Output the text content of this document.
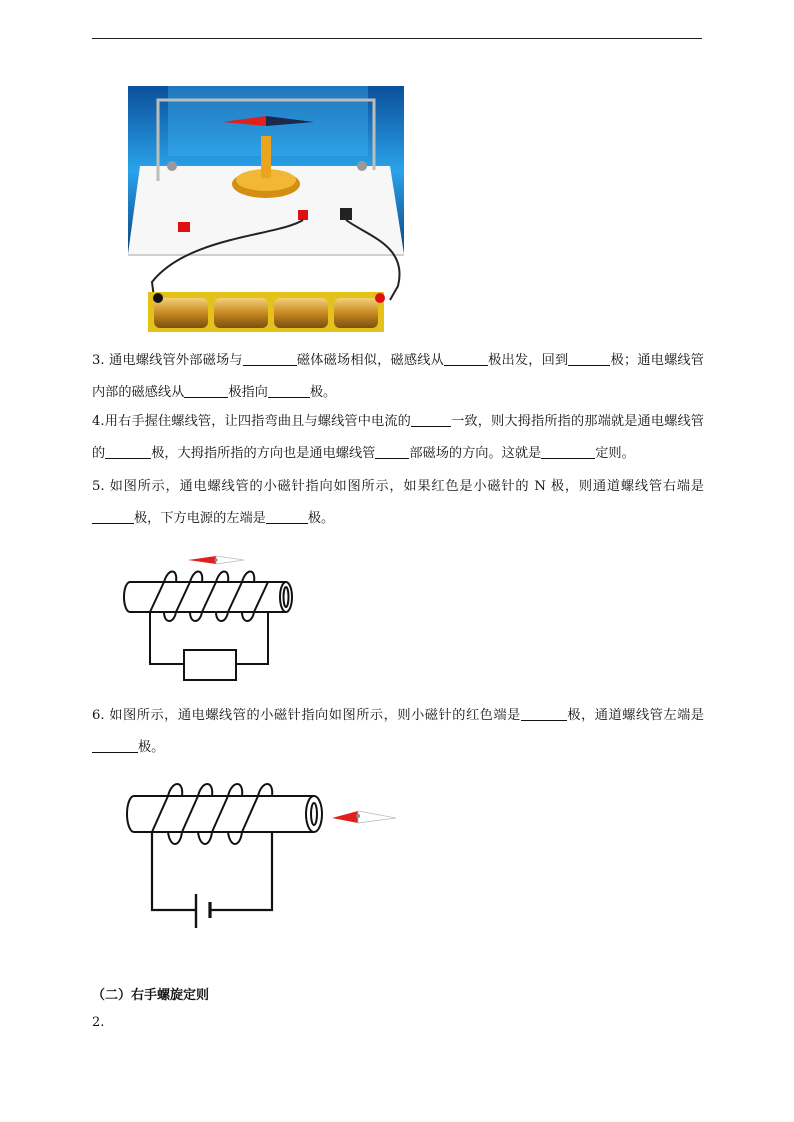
3. 通电螺线管外部磁场与	磁体磁场相似，磁感线从	极出发，回到	极；通电螺线管内部的磁感线从	极指向	极。

4.用右手握住螺线管，让四指弯曲且与螺线管中电流的	一致，则大拇指所指的那端就是通电螺线管的	极，大拇指所指的方向也是通电螺线管	部磁场的方向。这就是	定则。

5. 如图所示，通电螺线管的小磁针指向如图所示，如果红色是小磁针的 N 极，则通道螺线管右端是极，下方电源的左端是	极。

6. 如图所示，通电螺线管的小磁针指向如图所示，则小磁针的红色端是	极，通道螺线管左端是极。

（二）右手螺旋定则
2.
